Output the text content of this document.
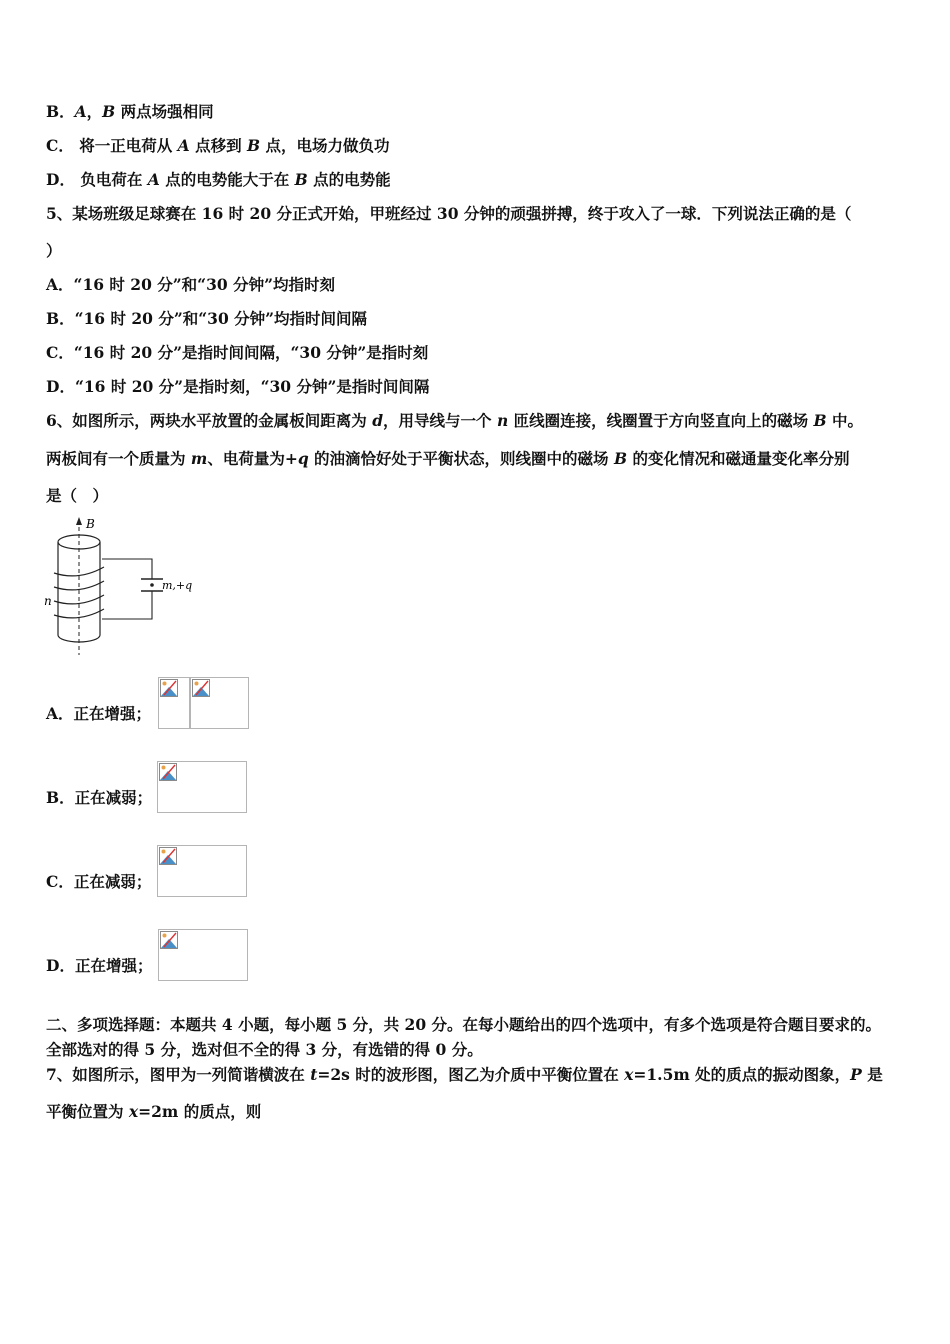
B．A，B 两点场强相同
C． 将一正电荷从 A 点移到 B 点，电场力做负功
D． 负电荷在 A 点的电势能大于在 B 点的电势能
5、某场班级足球赛在 16 时 20 分正式开始，甲班经过 30 分钟的顽强拼搏，终于攻入了一球．下列说法正确的是（
）
A．“16 时 20 分”和“30 分钟”均指时刻
B．“16 时 20 分”和“30 分钟”均指时间间隔
C．“16 时 20 分”是指时间间隔，“30 分钟”是指时刻
D．“16 时 20 分”是指时刻，“30 分钟”是指时间间隔
6、如图所示，两块水平放置的金属板间距离为 d，用导线与一个 n 匝线圈连接，线圈置于方向竖直向上的磁场 B 中。
两板间有一个质量为 m、电荷量为+q 的油滴恰好处于平衡状态，则线圈中的磁场 B 的变化情况和磁通量变化率分别
是（　）
B
n
m,+q
A．正在增强；
B．正在减弱；
C．正在减弱；
D．正在增强；
二、多项选择题：本题共 4 小题，每小题 5 分，共 20 分。在每小题给出的四个选项中，有多个选项是符合题目要求的。
全部选对的得 5 分，选对但不全的得 3 分，有选错的得 0 分。
7、如图所示，图甲为一列简谐横波在 t=2s 时的波形图，图乙为介质中平衡位置在 x=1.5m 处的质点的振动图象，P 是
平衡位置为 x=2m 的质点，则
